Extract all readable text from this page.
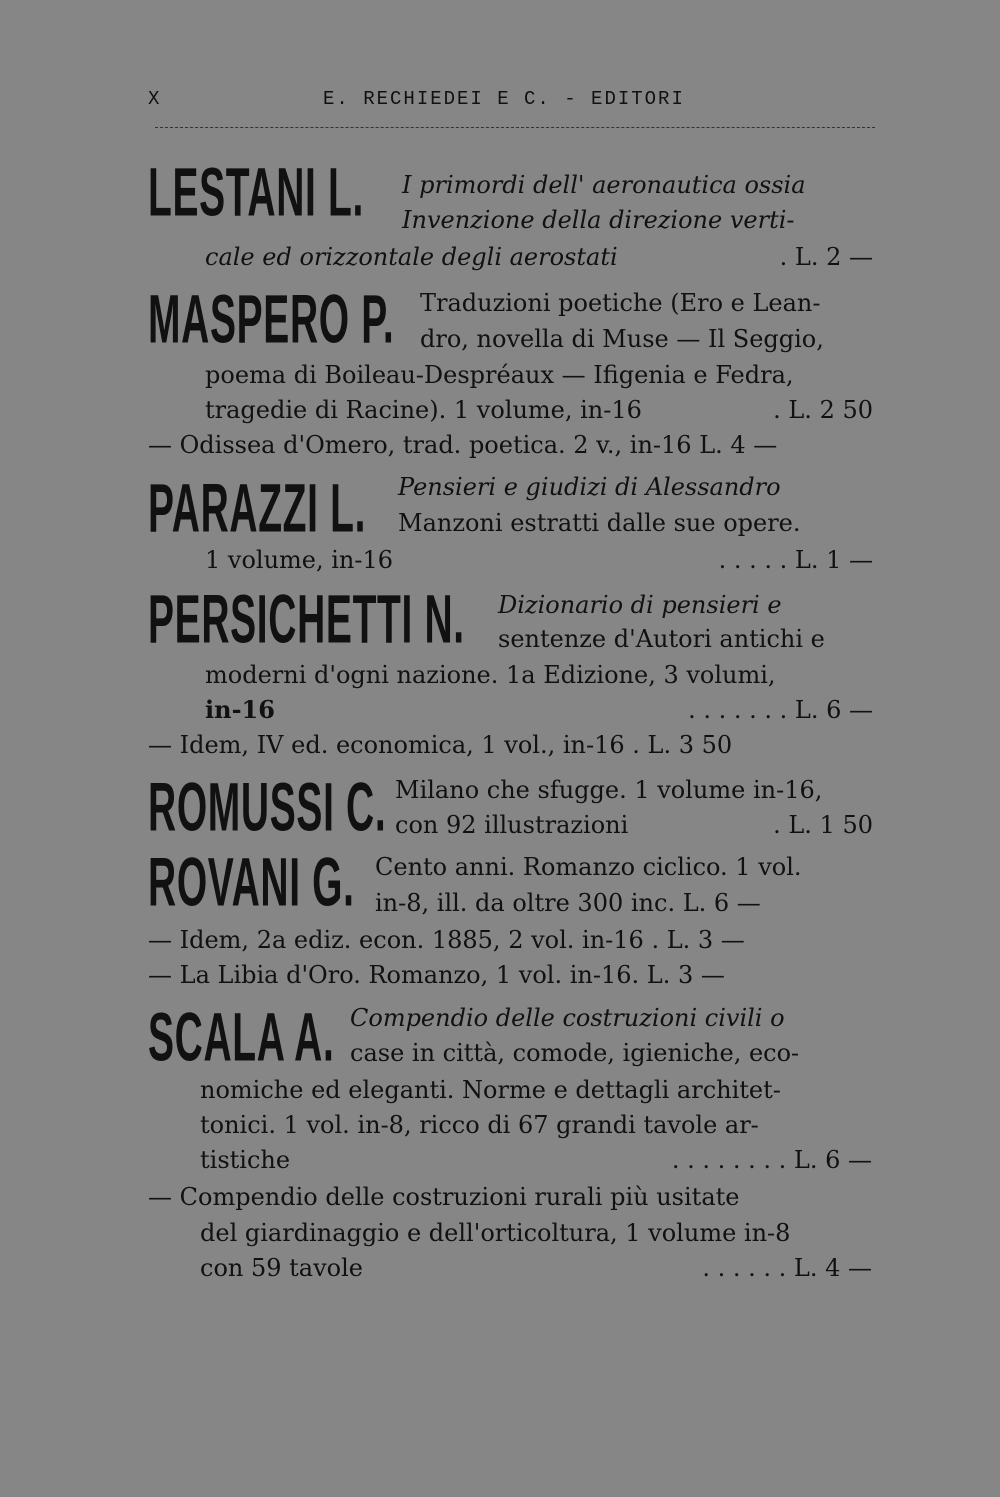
X	E. RECHIEDEI E C. - EDITORI
LESTANI L. I primordi dell' aeronautica ossia
Invenzione della direzione verti-
cale ed orizzontale degli aerostati	. L. 2 —
MASPERO P. Traduzioni poetiche (Ero e Lean-
dro, novella di Muse — Il Seggio,
poema di Boileau-Despréaux — Ifigenia e Fedra,
tragedie di Racine). 1 volume, in-16	. L. 2 50
— Odissea d'Omero, trad. poetica. 2 v., in-16 L. 4 —
PARAZZI L. Pensieri e giudizi di Alessandro
Manzoni estratti dalle sue opere.
1 volume, in-16	. . . . . L. 1 —
PERSICHETTI N. Dizionario di pensieri e
sentenze d'Autori antichi e
moderni d'ogni nazione. 1a Edizione, 3 volumi,
in-16	. . . . . . . L. 6 —
— Idem, IV ed. economica, 1 vol., in-16 . L. 3 50
ROMUSSI C. Milano che sfugge. 1 volume in-16,
con 92 illustrazioni	. L. 1 50
ROVANI G. Cento anni. Romanzo ciclico. 1 vol.
in-8, ill. da oltre 300 inc. L. 6 —
— Idem, 2a ediz. econ. 1885, 2 vol. in-16 . L. 3 —
— La Libia d'Oro. Romanzo, 1 vol. in-16. L. 3 —
SCALA A. Compendio delle costruzioni civili o
case in città, comode, igieniche, eco-
nomiche ed eleganti. Norme e dettagli architet-
tonici. 1 vol. in-8, ricco di 67 grandi tavole ar-
tistiche	. . . . . . . . L. 6 —
— Compendio delle costruzioni rurali più usitate
del giardinaggio e dell'orticoltura, 1 volume in-8
con 59 tavole	. . . . . . L. 4 —
